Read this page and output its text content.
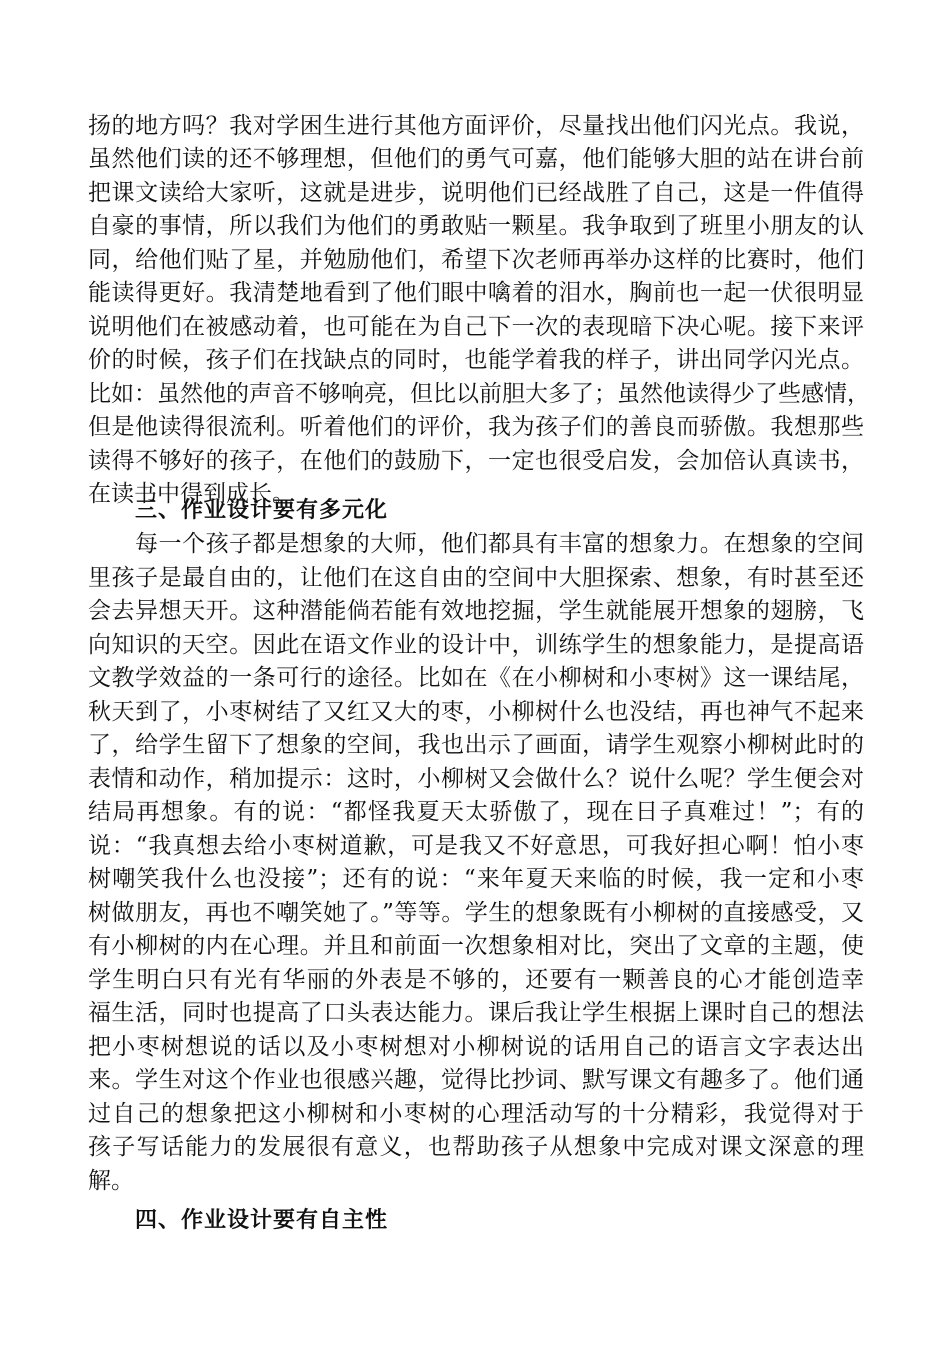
扬的地方吗？我对学困生进行其他方面评价，尽量找出他们闪光点。我说，
虽然他们读的还不够理想，但他们的勇气可嘉，他们能够大胆的站在讲台前
把课文读给大家听，这就是进步，说明他们已经战胜了自己，这是一件值得
自豪的事情，所以我们为他们的勇敢贴一颗星。我争取到了班里小朋友的认
同，给他们贴了星，并勉励他们，希望下次老师再举办这样的比赛时，他们
能读得更好。我清楚地看到了他们眼中噙着的泪水，胸前也一起一伏很明显
说明他们在被感动着，也可能在为自己下一次的表现暗下决心呢。接下来评
价的时候，孩子们在找缺点的同时，也能学着我的样子，讲出同学闪光点。
比如：虽然他的声音不够响亮，但比以前胆大多了；虽然他读得少了些感情，
但是他读得很流利。听着他们的评价，我为孩子们的善良而骄傲。我想那些
读得不够好的孩子，在他们的鼓励下，一定也很受启发，会加倍认真读书，
在读书中得到成长。
三、作业设计要有多元化
每一个孩子都是想象的大师，他们都具有丰富的想象力。在想象的空间
里孩子是最自由的，让他们在这自由的空间中大胆探索、想象，有时甚至还
会去异想天开。这种潜能倘若能有效地挖掘，学生就能展开想象的翅膀，飞
向知识的天空。因此在语文作业的设计中，训练学生的想象能力，是提高语
文教学效益的一条可行的途径。比如在《在小柳树和小枣树》这一课结尾，
秋天到了，小枣树结了又红又大的枣，小柳树什么也没结，再也神气不起来
了，给学生留下了想象的空间，我也出示了画面，请学生观察小柳树此时的
表情和动作，稍加提示：这时，小柳树又会做什么？说什么呢？学生便会对
结局再想象。有的说：“都怪我夏天太骄傲了，现在日子真难过！”；有的
说：“我真想去给小枣树道歉，可是我又不好意思，可我好担心啊！怕小枣
树嘲笑我什么也没接”；还有的说：“来年夏天来临的时候，我一定和小枣
树做朋友，再也不嘲笑她了。”等等。学生的想象既有小柳树的直接感受，又
有小柳树的内在心理。并且和前面一次想象相对比，突出了文章的主题，使
学生明白只有光有华丽的外表是不够的，还要有一颗善良的心才能创造幸
福生活，同时也提高了口头表达能力。课后我让学生根据上课时自己的想法
把小枣树想说的话以及小枣树想对小柳树说的话用自己的语言文字表达出
来。学生对这个作业也很感兴趣，觉得比抄词、默写课文有趣多了。他们通
过自己的想象把这小柳树和小枣树的心理活动写的十分精彩，我觉得对于
孩子写话能力的发展很有意义，也帮助孩子从想象中完成对课文深意的理
解。
四、作业设计要有自主性
